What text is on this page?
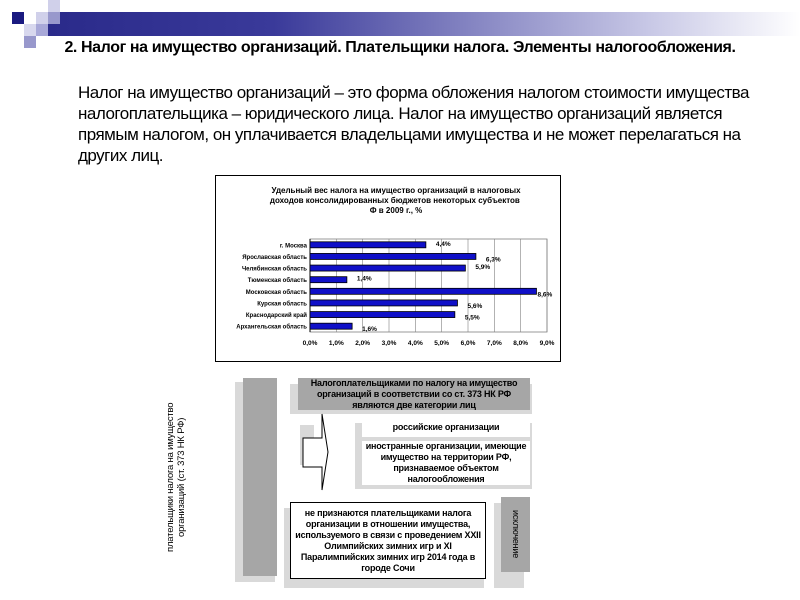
2. Налог на имущество организаций. Плательщики налога. Элементы налогообложения.
Налог на имущество организаций – это форма обложения налогом стоимости имущества налогоплательщика – юридического лица. Налог на имущество организаций является прямым налогом, он уплачивается владельцами имущества и не может перелагаться на других лиц.
Удельный вес налога на имущество организаций в налоговых доходов консолидированных бюджетов некоторых субъектов Ф в 2009 г., %
0,0% 1,0% 2,0% 3,0% 4,0% 5,0% 6,0% 7,0% 8,0% 9,0%
г. Москва	4,4%
Ярославская область	6,3%
Челябинская область	5,9%
Тюменская область	1,4%
Московская область	8,6%
Курская область	5,6%
Краснодарский край	5,5%
Архангельская область	1,6%
плательщики налога на имущество организаций (ст. 373 НК РФ)
Налогоплательщиками по налогу на имущество организаций в соответствии со ст. 373 НК РФ являются две категории лиц
российские организации
иностранные организации, имеющие имущество на территории РФ, признаваемое объектом налогообложения
исключение
не признаются плательщиками налога организации в отношении имущества, используемого в связи с проведением XXII Олимпийских зимних игр и XI Паралимпийских зимних игр 2014 года в городе Сочи
